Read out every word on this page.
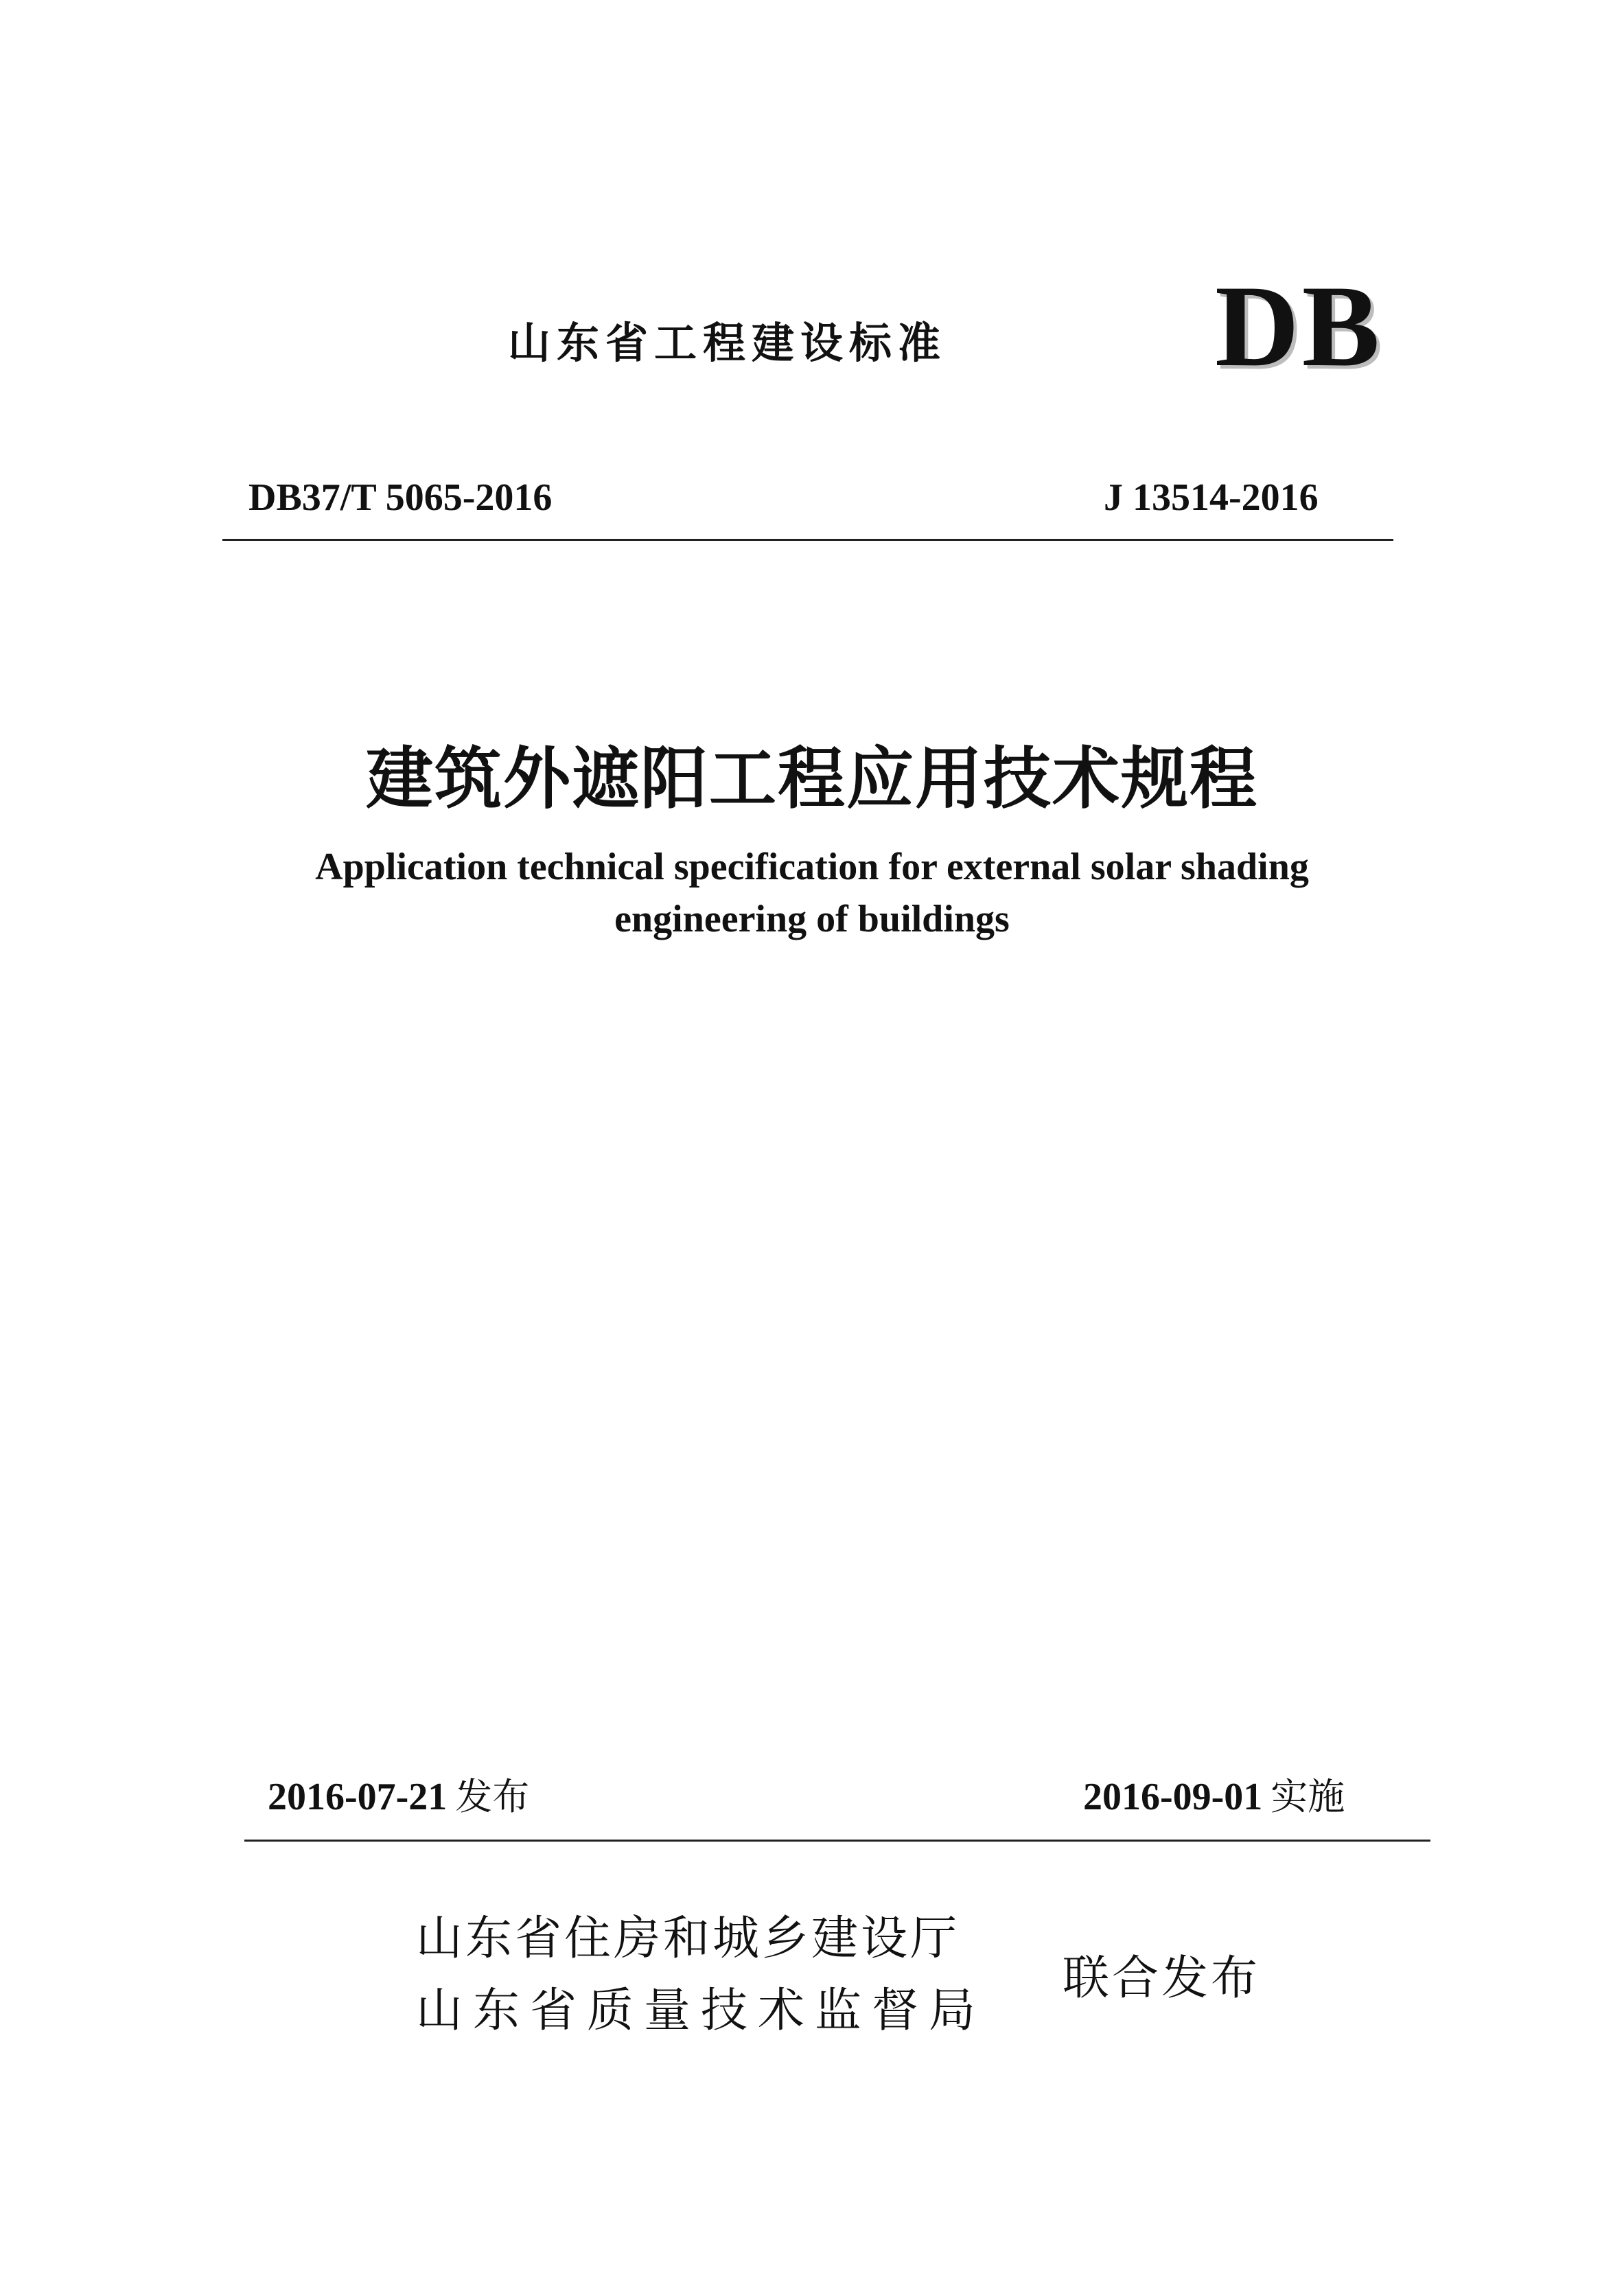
山东省工程建设标准 DB

DB37/T 5065-2016	J 13514-2016

建筑外遮阳工程应用技术规程
Application technical specification for external solar shading
engineering of buildings
2016-07-21 发布	2016-09-01 实施

山东省住房和城乡建设厅

山东省质量技术监督局

联合发布
